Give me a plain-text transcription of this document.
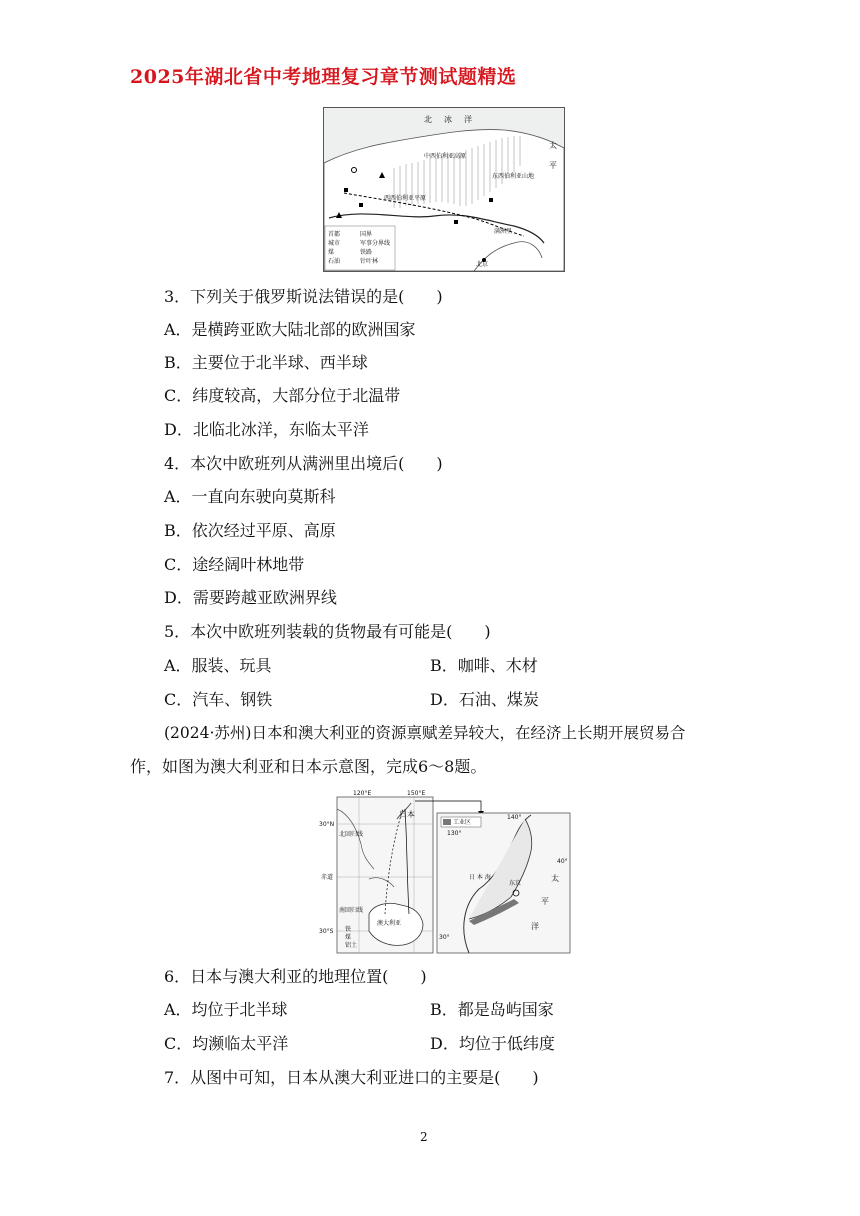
2025年湖北省中考地理复习章节测试题精选
北 冰 洋
太
平
中西伯利亚高原
东西伯利亚山地
西西伯利亚平原
满洲里
北京
首都
城市
煤
石油
国界
军事分界线
铁路
针叶林
3．下列关于俄罗斯说法错误的是(　　)
A．是横跨亚欧大陆北部的欧洲国家
B．主要位于北半球、西半球
C．纬度较高，大部分位于北温带
D．北临北冰洋，东临太平洋
4．本次中欧班列从满洲里出境后(　　)
A．一直向东驶向莫斯科
B．依次经过平原、高原
C．途经阔叶林地带
D．需要跨越亚欧洲界线
5．本次中欧班列装载的货物最有可能是(　　)
A．服装、玩具	B．咖啡、木材
C．汽车、钢铁	D．石油、煤炭
(2024·苏州)日本和澳大利亚的资源禀赋差异较大，在经济上长期开展贸易合
作，如图为澳大利亚和日本示意图，完成6～8题。
120°E	150°E
30°N
赤道
30°S
日本
澳大利亚
北回归线
南回归线
铁
煤
铝土
工业区
130°
140°
40°
30°
日 本 海
东京
太
平
洋
6．日本与澳大利亚的地理位置(　　)
A．均位于北半球	B．都是岛屿国家
C．均濒临太平洋	D．均位于低纬度
7．从图中可知，日本从澳大利亚进口的主要是(　　)
2
